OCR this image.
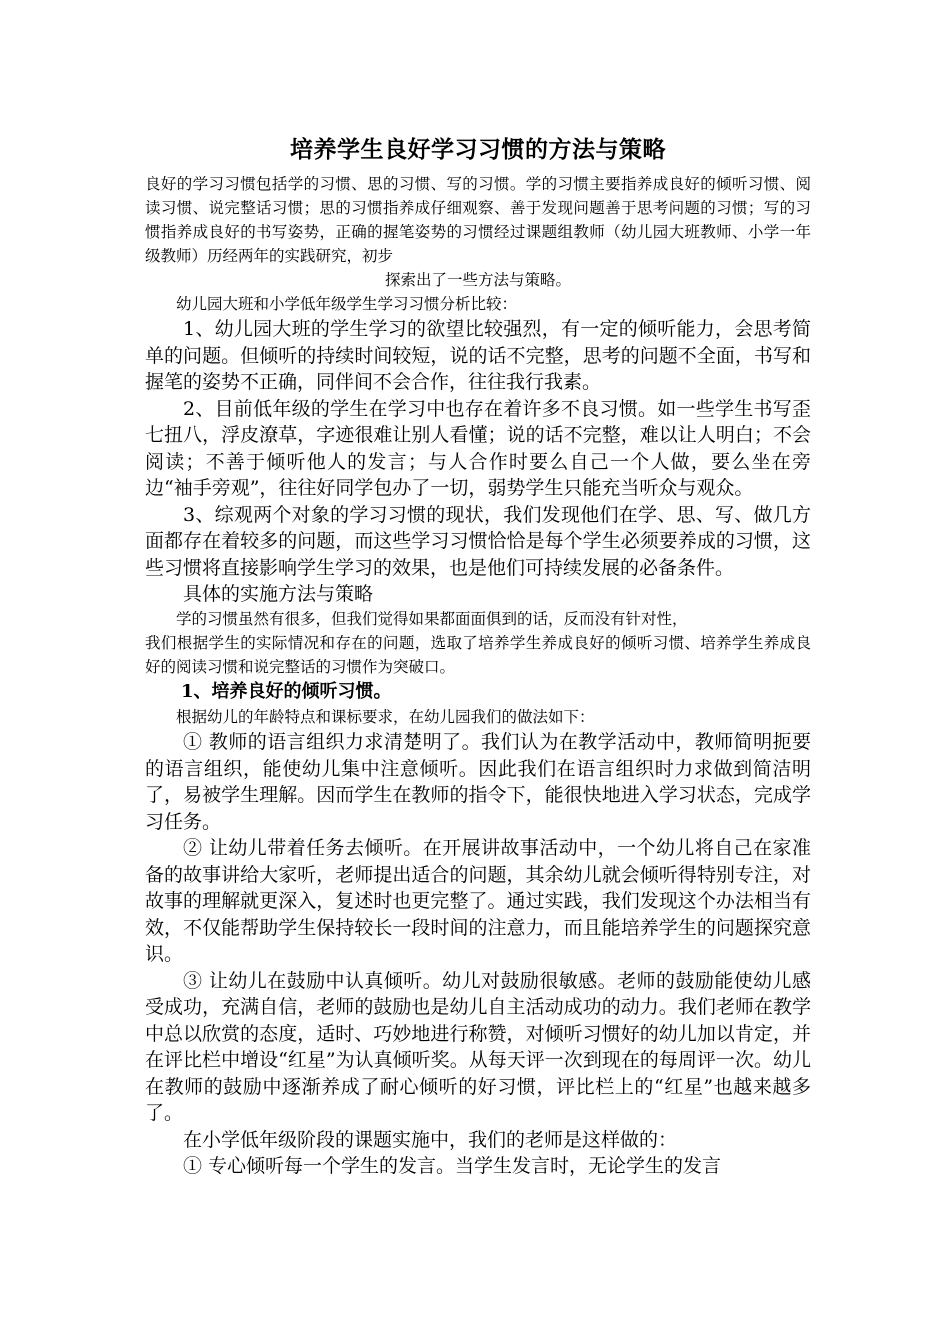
培养学生良好学习习惯的方法与策略

良好的学习习惯包括学的习惯、思的习惯、写的习惯。学的习惯主要指养成良好的倾听习惯、阅读习惯、说完整话习惯；思的习惯指养成仔细观察、善于发现问题善于思考问题的习惯；写的习惯指养成良好的书写姿势，正确的握笔姿势的习惯经过课题组教师（幼儿园大班教师、小学一年级教师）历经两年的实践研究，初步

探索出了一些方法与策略。

幼儿园大班和小学低年级学生学习习惯分析比较：

1、幼儿园大班的学生学习的欲望比较强烈，有一定的倾听能力，会思考简单的问题。但倾听的持续时间较短，说的话不完整，思考的问题不全面，书写和握笔的姿势不正确，同伴间不会合作，往往我行我素。

2、目前低年级的学生在学习中也存在着许多不良习惯。如一些学生书写歪七扭八，浮皮潦草，字迹很难让别人看懂；说的话不完整，难以让人明白；不会阅读；不善于倾听他人的发言；与人合作时要么自己一个人做，要么坐在旁边“袖手旁观”，往往好同学包办了一切，弱势学生只能充当听众与观众。

3、综观两个对象的学习习惯的现状，我们发现他们在学、思、写、做几方面都存在着较多的问题，而这些学习习惯恰恰是每个学生必须要养成的习惯，这些习惯将直接影响学生学习的效果，也是他们可持续发展的必备条件。

具体的实施方法与策略

学的习惯虽然有很多，但我们觉得如果都面面俱到的话，反而没有针对性，

我们根据学生的实际情况和存在的问题，选取了培养学生养成良好的倾听习惯、培养学生养成良好的阅读习惯和说完整话的习惯作为突破口。

1、培养良好的倾听习惯。

根据幼儿的年龄特点和课标要求，在幼儿园我们的做法如下：

① 教师的语言组织力求清楚明了。我们认为在教学活动中，教师简明扼要的语言组织，能使幼儿集中注意倾听。因此我们在语言组织时力求做到简洁明了，易被学生理解。因而学生在教师的指令下，能很快地进入学习状态，完成学习任务。

② 让幼儿带着任务去倾听。在开展讲故事活动中，一个幼儿将自己在家准备的故事讲给大家听，老师提出适合的问题，其余幼儿就会倾听得特别专注，对故事的理解就更深入，复述时也更完整了。通过实践，我们发现这个办法相当有效，不仅能帮助学生保持较长一段时间的注意力，而且能培养学生的问题探究意识。

③ 让幼儿在鼓励中认真倾听。幼儿对鼓励很敏感。老师的鼓励能使幼儿感受成功，充满自信，老师的鼓励也是幼儿自主活动成功的动力。我们老师在教学中总以欣赏的态度，适时、巧妙地进行称赞，对倾听习惯好的幼儿加以肯定，并在评比栏中增设“红星”为认真倾听奖。从每天评一次到现在的每周评一次。幼儿在教师的鼓励中逐渐养成了耐心倾听的好习惯，评比栏上的“红星”也越来越多了。

在小学低年级阶段的课题实施中，我们的老师是这样做的：

① 专心倾听每一个学生的发言。当学生发言时，无论学生的发言
